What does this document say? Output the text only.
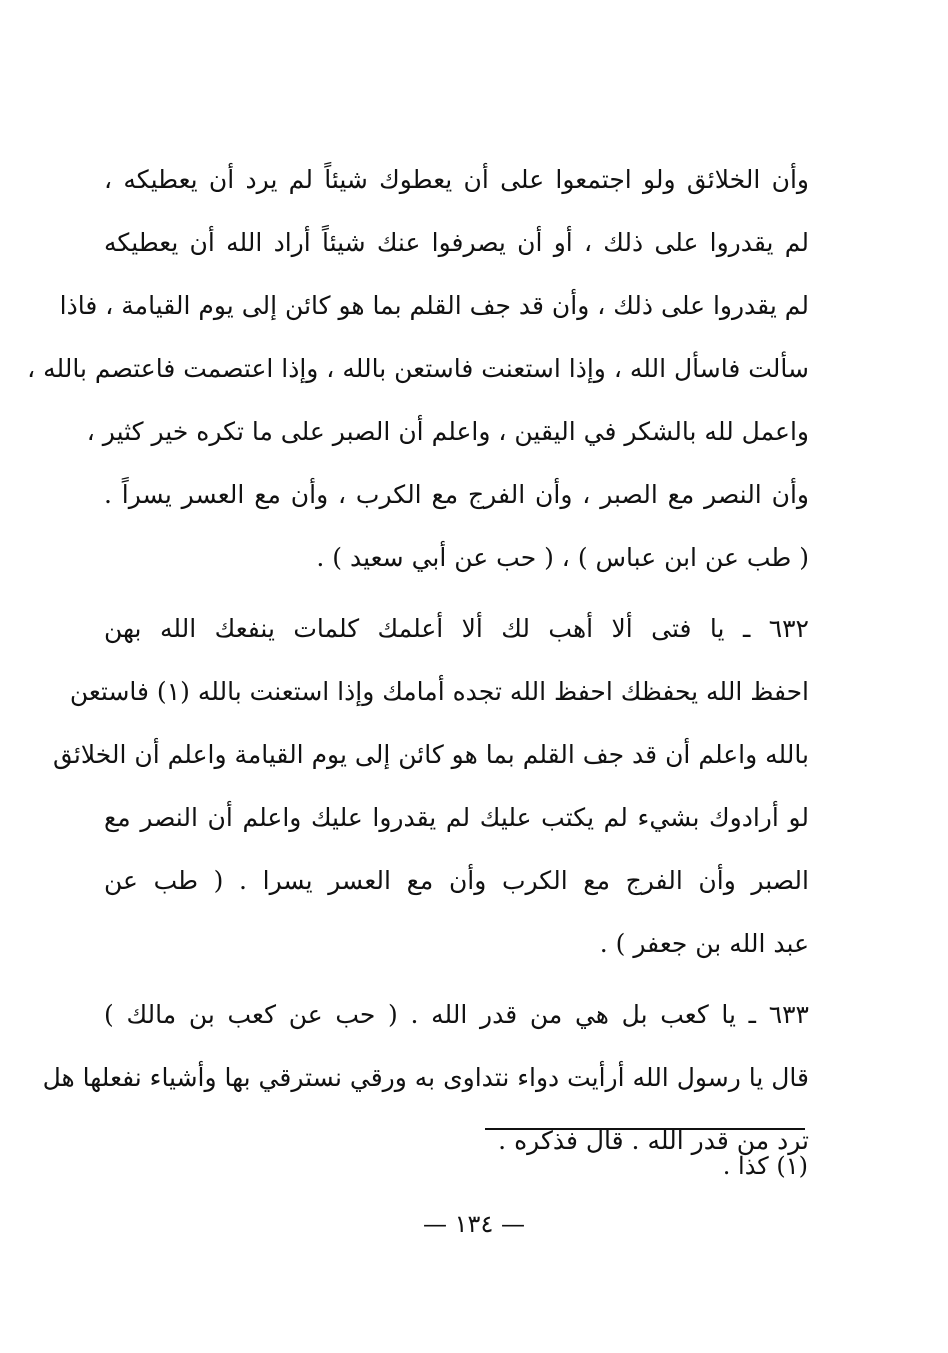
وأن الخلائق ولو اجتمعوا على أن يعطوك شيئاً لم يرد أن يعطيكه ،
لم يقدروا على ذلك ، أو أن يصرفوا عنك شيئاً أراد الله أن يعطيكه
لم يقدروا على ذلك ، وأن قد جف القلم بما هو كائن إلى يوم القيامة ، فاذا
سألت فاسأل الله ، وإذا استعنت فاستعن بالله ، وإذا اعتصمت فاعتصم بالله ،
واعمل لله بالشكر في اليقين ، واعلم أن الصبر على ما تكره خير كثير ،
وأن النصر مع الصبر ، وأن الفرج مع الكرب ، وأن مع العسر يسراً .
( طب عن ابن عباس ) ، ( حب عن أبي سعيد ) .
٦٣٢ ـ يا فتى ألا أهب لك ألا أعلمك كلمات ينفعك الله بهن
احفظ الله يحفظك احفظ الله تجده أمامك وإذا استعنت بالله (١) فاستعن
بالله واعلم أن قد جف القلم بما هو كائن إلى يوم القيامة واعلم أن الخلائق
لو أرادوك بشيء لم يكتب عليك لم يقدروا عليك واعلم أن النصر مع
الصبر وأن الفرج مع الكرب وأن مع العسر يسرا . ( طب عن
عبد الله بن جعفر ) .
٦٣٣ ـ يا كعب بل هي من قدر الله . ( حب عن كعب بن مالك )
قال يا رسول الله أرأيت دواء نتداوى به ورقي نسترقي بها وأشياء نفعلها هل
ترد من قدر الله . قال فذكره .
(١) كذا .
— ١٣٤ —
